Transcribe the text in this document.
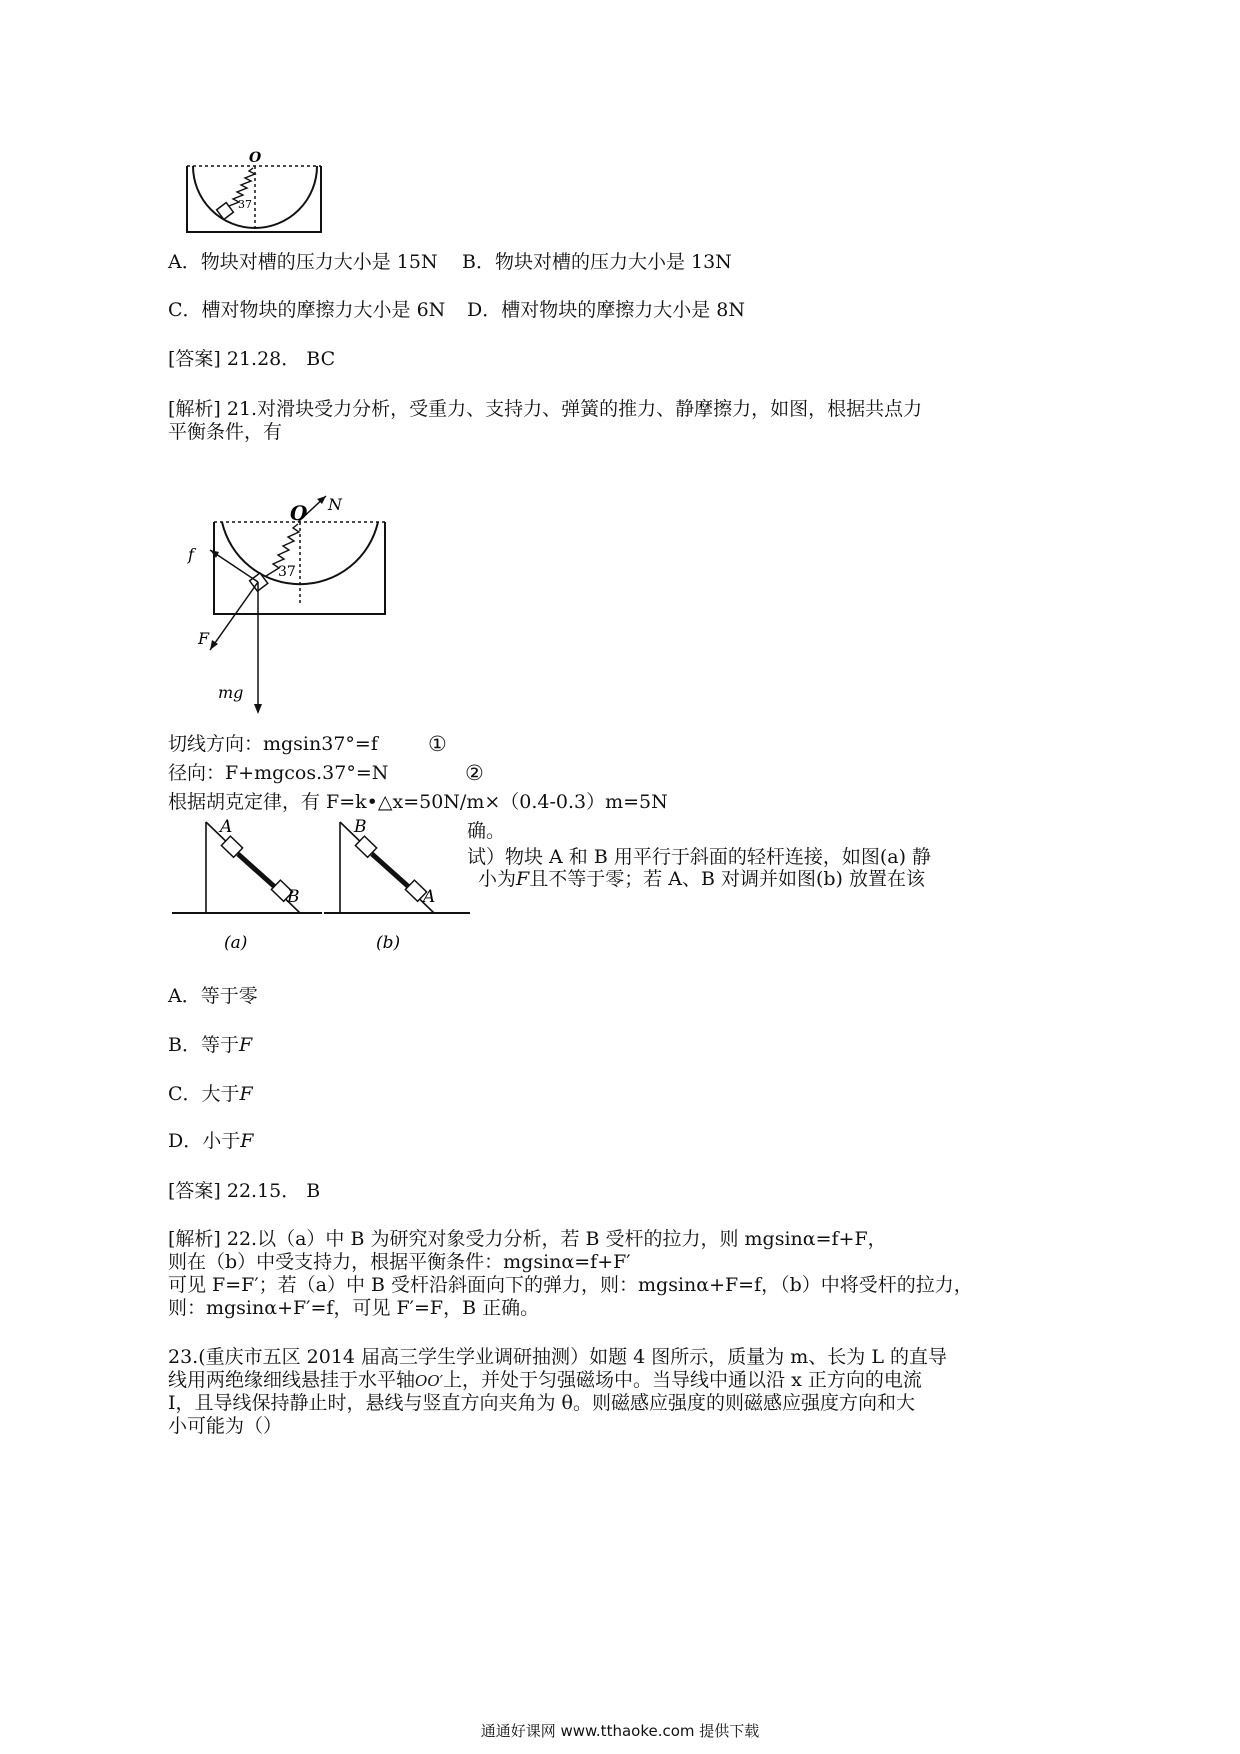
O
37
A．物块对槽的压力大小是 15N B．物块对槽的压力大小是 13N
C．槽对物块的摩擦力大小是 6N D．槽对物块的摩擦力大小是 8N
[答案] 21.28． BC
[解析] 21.对滑块受力分析，受重力、支持力、弹簧的推力、静摩擦力，如图，根据共点力
平衡条件，有
O N
f
F
mg
37
切线方向：mgsin37°=f ①
径向：F+mgcos.37°=N	②
根据胡克定律，有 F=k•△x=50N/m×（0.4-0.3）m=5N
A
B
(a)
B
A
(b)
确。
试）物块 A 和 B 用平行于斜面的轻杆连接，如图(a) 静
小为F且不等于零；若 A、B 对调并如图(b) 放置在该
A．等于零
B．等于F
C．大于F
D．小于F
[答案] 22.15． B
[解析] 22.以（a）中 B 为研究对象受力分析，若 B 受杆的拉力，则 mgsinα=f+F，
则在（b）中受支持力，根据平衡条件：mgsinα=f+F′
可见 F=F′；若（a）中 B 受杆沿斜面向下的弹力，则：mgsinα+F=f，（b）中将受杆的拉力，
则：mgsinα+F′=f，可见 F′=F，B 正确。
23.(重庆市五区 2014 届高三学生学业调研抽测）如题 4 图所示，质量为 m、长为 L 的直导
线用两绝缘细线悬挂于水平轴OO′上，并处于匀强磁场中。当导线中通以沿 x 正方向的电流
I，且导线保持静止时，悬线与竖直方向夹角为 θ。则磁感应强度的则磁感应强度方向和大
小可能为（）
通通好课网 www.tthaoke.com 提供下载
